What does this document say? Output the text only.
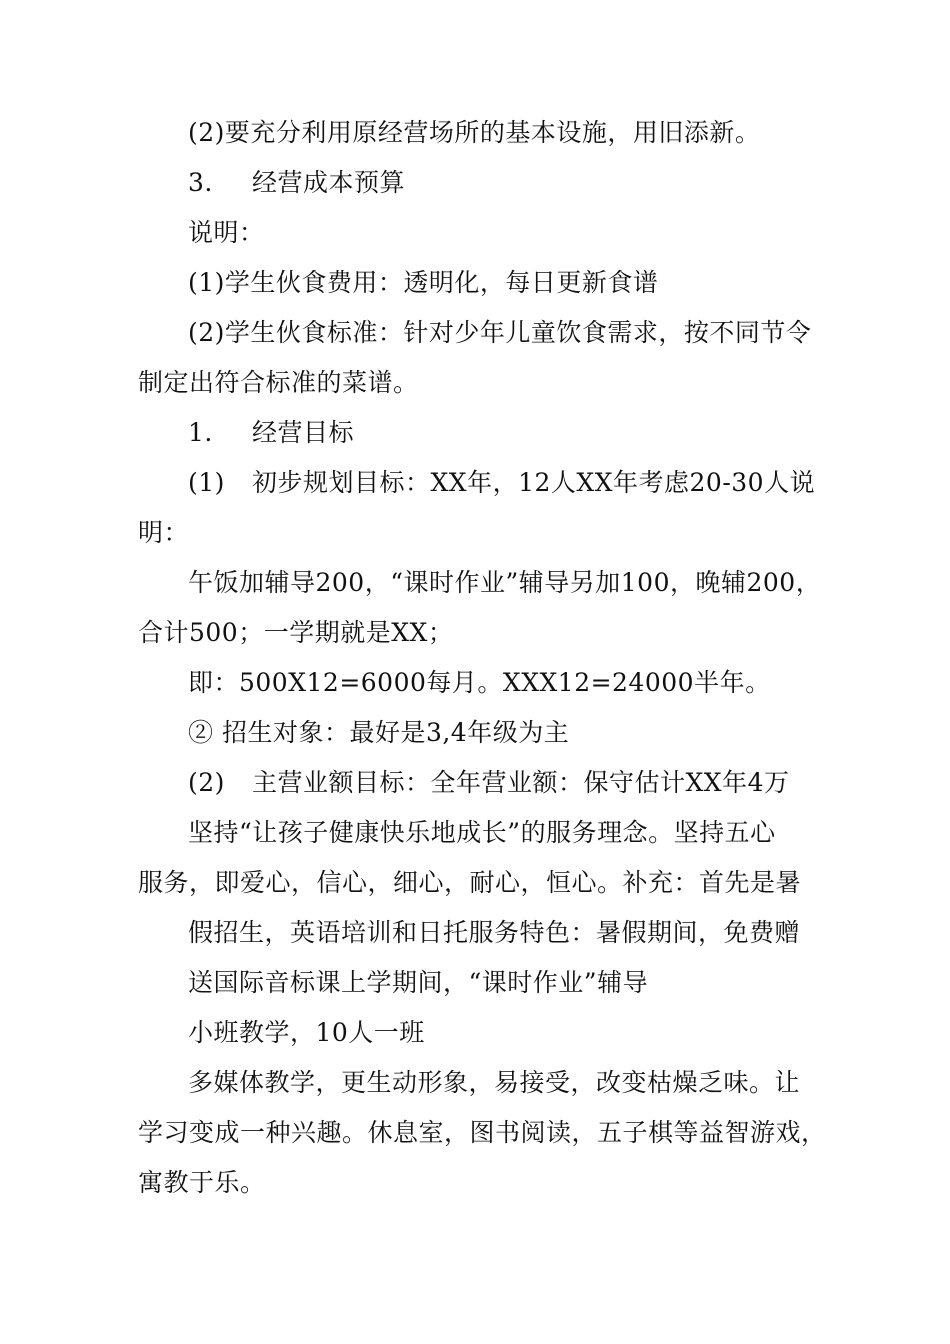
(2)要充分利用原经营场所的基本设施，用旧添新。
3. 经营成本预算
说明：
(1)学生伙食费用：透明化，每日更新食谱
(2)学生伙食标准：针对少年儿童饮食需求，按不同节令
制定出符合标准的菜谱。
1. 经营目标
(1) 初步规划目标：XX年，12人XX年考虑20-30人说
明：
午饭加辅导200，“课时作业”辅导另加100，晚辅200，
合计500；一学期就是XX；
即：500X12=6000每月。XXX12=24000半年。
② 招生对象：最好是3,4年级为主
(2) 主营业额目标：全年营业额：保守估计XX年4万
坚持“让孩子健康快乐地成长”的服务理念。坚持五心
服务，即爱心，信心，细心，耐心，恒心。补充：首先是暑
假招生，英语培训和日托服务特色：暑假期间，免费赠
送国际音标课上学期间，“课时作业”辅导
小班教学，10人一班
多媒体教学，更生动形象，易接受，改变枯燥乏味。让
学习变成一种兴趣。休息室，图书阅读，五子棋等益智游戏，
寓教于乐。
